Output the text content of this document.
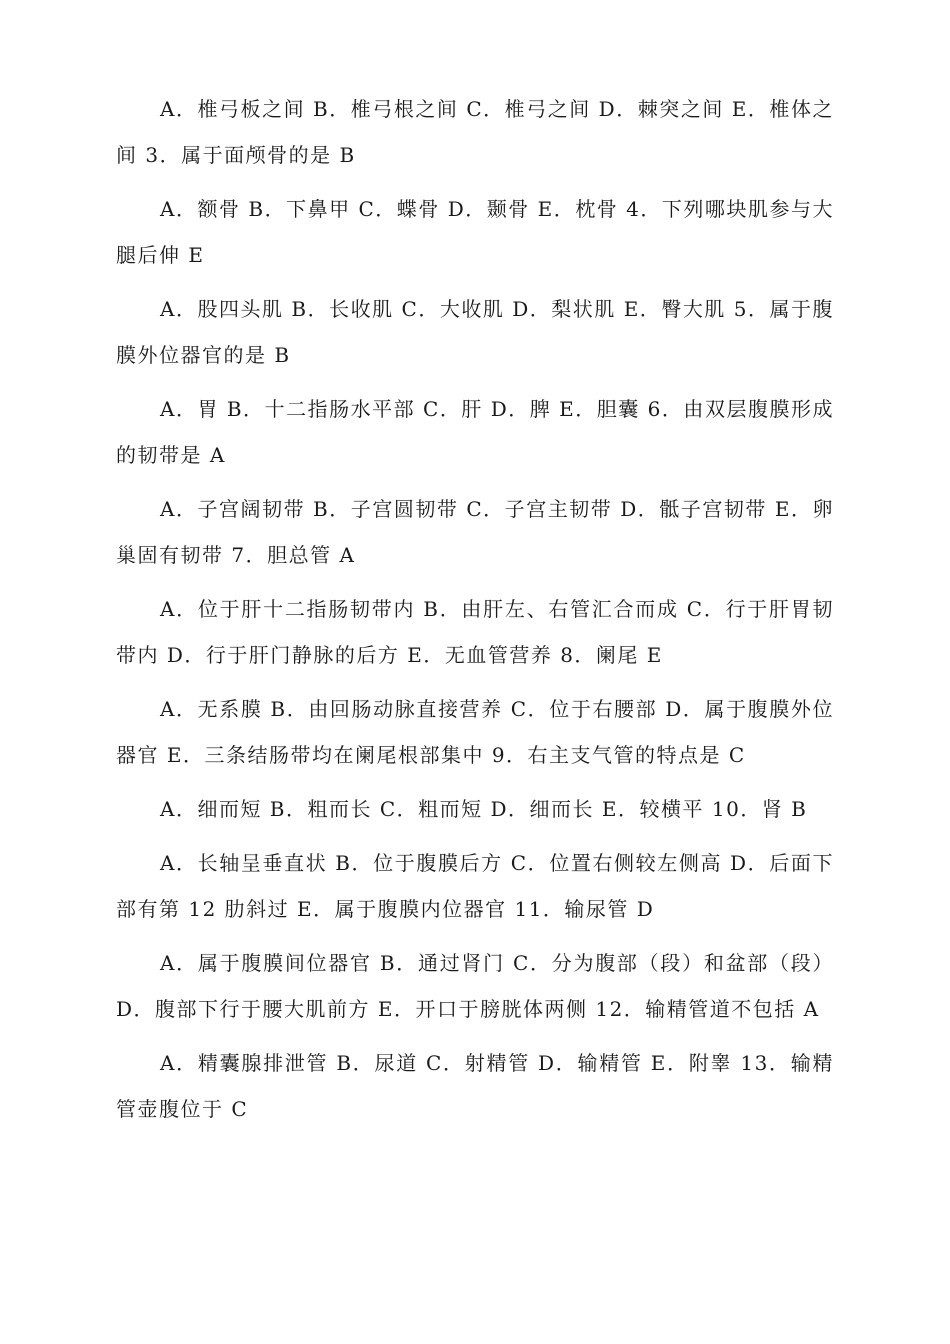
A．椎弓板之间 B．椎弓根之间 C．椎弓之间 D．棘突之间 E．椎体之间 3．属于面颅骨的是 B

A．额骨 B．下鼻甲 C．蝶骨 D．颞骨 E．枕骨 4．下列哪块肌参与大腿后伸 E

A．股四头肌 B．长收肌 C．大收肌 D．梨状肌 E．臀大肌 5．属于腹膜外位器官的是 B

A．胃 B．十二指肠水平部 C．肝 D．脾 E．胆囊 6．由双层腹膜形成的韧带是 A

A．子宫阔韧带 B．子宫圆韧带 C．子宫主韧带 D．骶子宫韧带 E．卵巢固有韧带 7．胆总管 A

A．位于肝十二指肠韧带内 B．由肝左、右管汇合而成 C．行于肝胃韧带内 D．行于肝门静脉的后方 E．无血管营养 8．阑尾 E

A．无系膜 B．由回肠动脉直接营养 C．位于右腰部 D．属于腹膜外位器官 E．三条结肠带均在阑尾根部集中 9．右主支气管的特点是 C

A．细而短 B．粗而长 C．粗而短 D．细而长 E．较横平 10．肾 B

A．长轴呈垂直状 B．位于腹膜后方 C．位置右侧较左侧高 D．后面下部有第 12 肋斜过 E．属于腹膜内位器官 11．输尿管 D

A．属于腹膜间位器官 B．通过肾门 C．分为腹部（段）和盆部（段）D．腹部下行于腰大肌前方 E．开口于膀胱体两侧 12．输精管道不包括 A

A．精囊腺排泄管 B．尿道 C．射精管 D．输精管 E．附睾 13．输精管壶腹位于 C
